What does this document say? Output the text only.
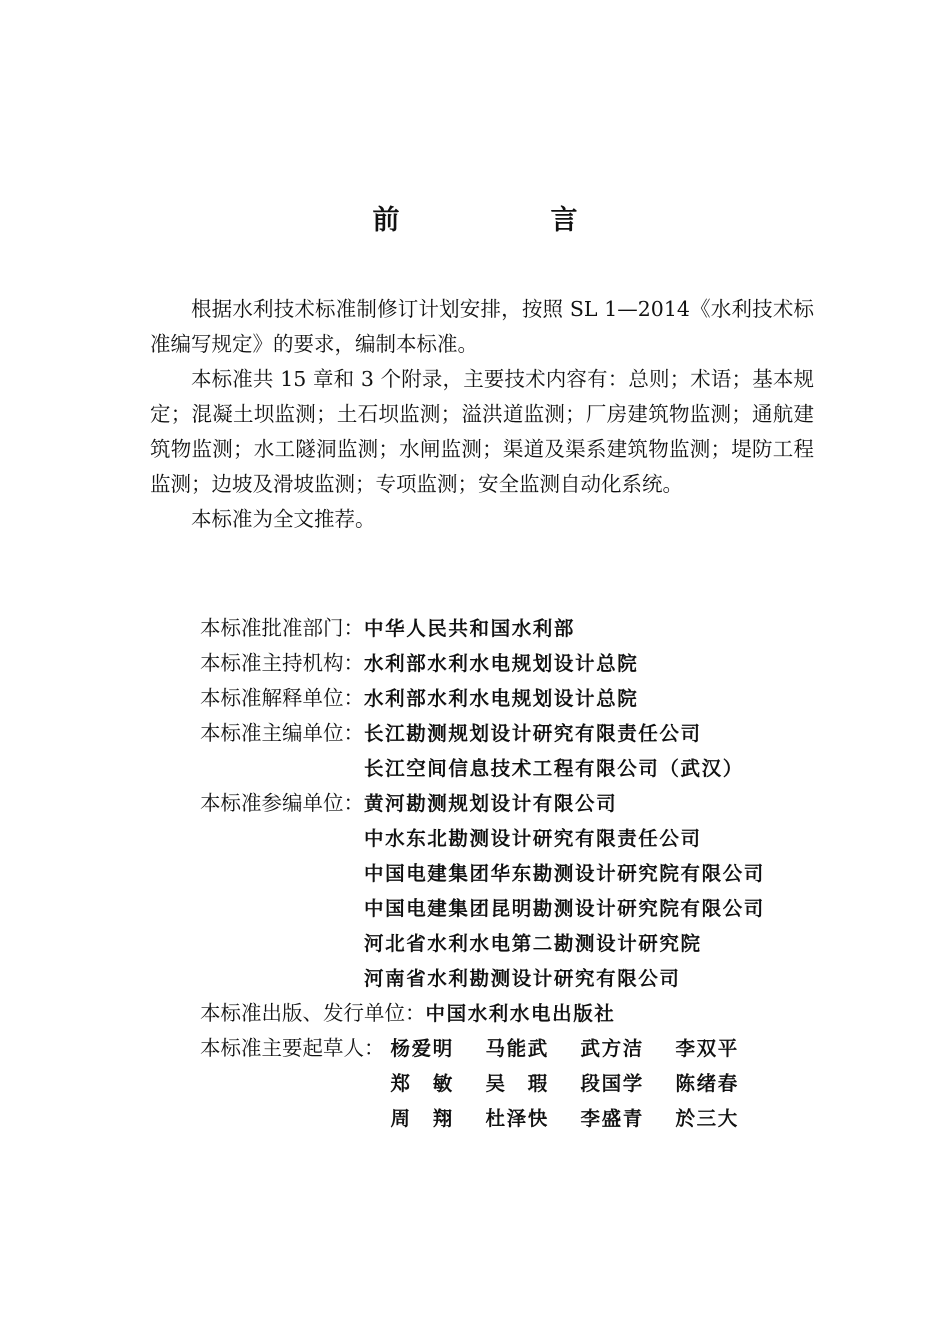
前　言

根据水利技术标准制修订计划安排，按照 SL 1—2014《水利技术标准编写规定》的要求，编制本标准。

本标准共 15 章和 3 个附录，主要技术内容有：总则；术语；基本规定；混凝土坝监测；土石坝监测；溢洪道监测；厂房建筑物监测；通航建筑物监测；水工隧洞监测；水闸监测；渠道及渠系建筑物监测；堤防工程监测；边坡及滑坡监测；专项监测；安全监测自动化系统。

本标准为全文推荐。

本标准批准部门： 中华人民共和国水利部
本标准主持机构： 水利部水利水电规划设计总院
本标准解释单位： 水利部水利水电规划设计总院
本标准主编单位： 长江勘测规划设计研究有限责任公司
长江空间信息技术工程有限公司（武汉）
本标准参编单位： 黄河勘测规划设计有限公司
中水东北勘测设计研究有限责任公司
中国电建集团华东勘测设计研究院有限公司
中国电建集团昆明勘测设计研究院有限公司
河北省水利水电第二勘测设计研究院
河南省水利勘测设计研究有限公司
本标准出版、发行单位： 中国水利水电出版社
本标准主要起草人： 杨爱明 马能武 武方洁 李双平
郑　敏 吴　瑕 段国学 陈绪春
周　翔 杜泽快 李盛青 於三大
